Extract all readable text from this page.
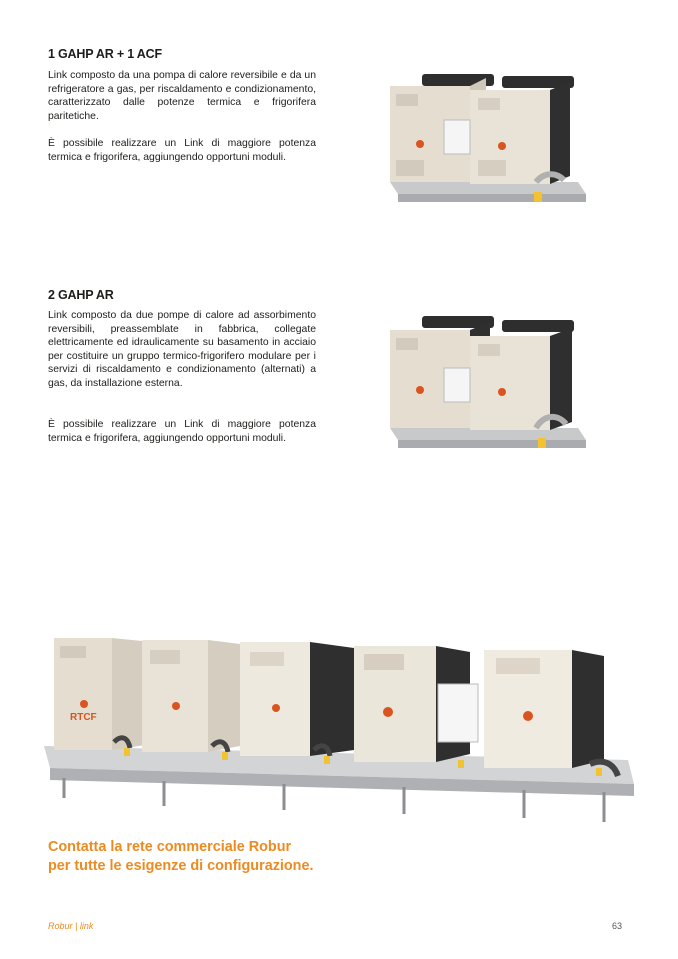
1 GAHP AR + 1 ACF

Link composto da una pompa di calore reversibile e da un refrigeratore a gas, per riscaldamento e condizionamento, caratterizzato dalle potenze termica e frigorifera paritetiche.

È possibile realizzare un Link di maggiore potenza termica e frigorifera, aggiungendo opportuni moduli.

2 GAHP AR

Link composto da due pompe di calore ad assorbimento reversibili, preassemblate in fabbrica, collegate elettricamente ed idraulicamente su basamento in acciaio per costituire un gruppo termico-frigorifero modulare per i servizi di riscaldamento e condizionamento (alternati) a gas, da installazione esterna.

È possibile realizzare un Link di maggiore potenza termica e frigorifera, aggiungendo opportuni moduli.

RTCF

Contatta la rete commerciale Robur
per tutte le esigenze di configurazione.

Robur | link	63
